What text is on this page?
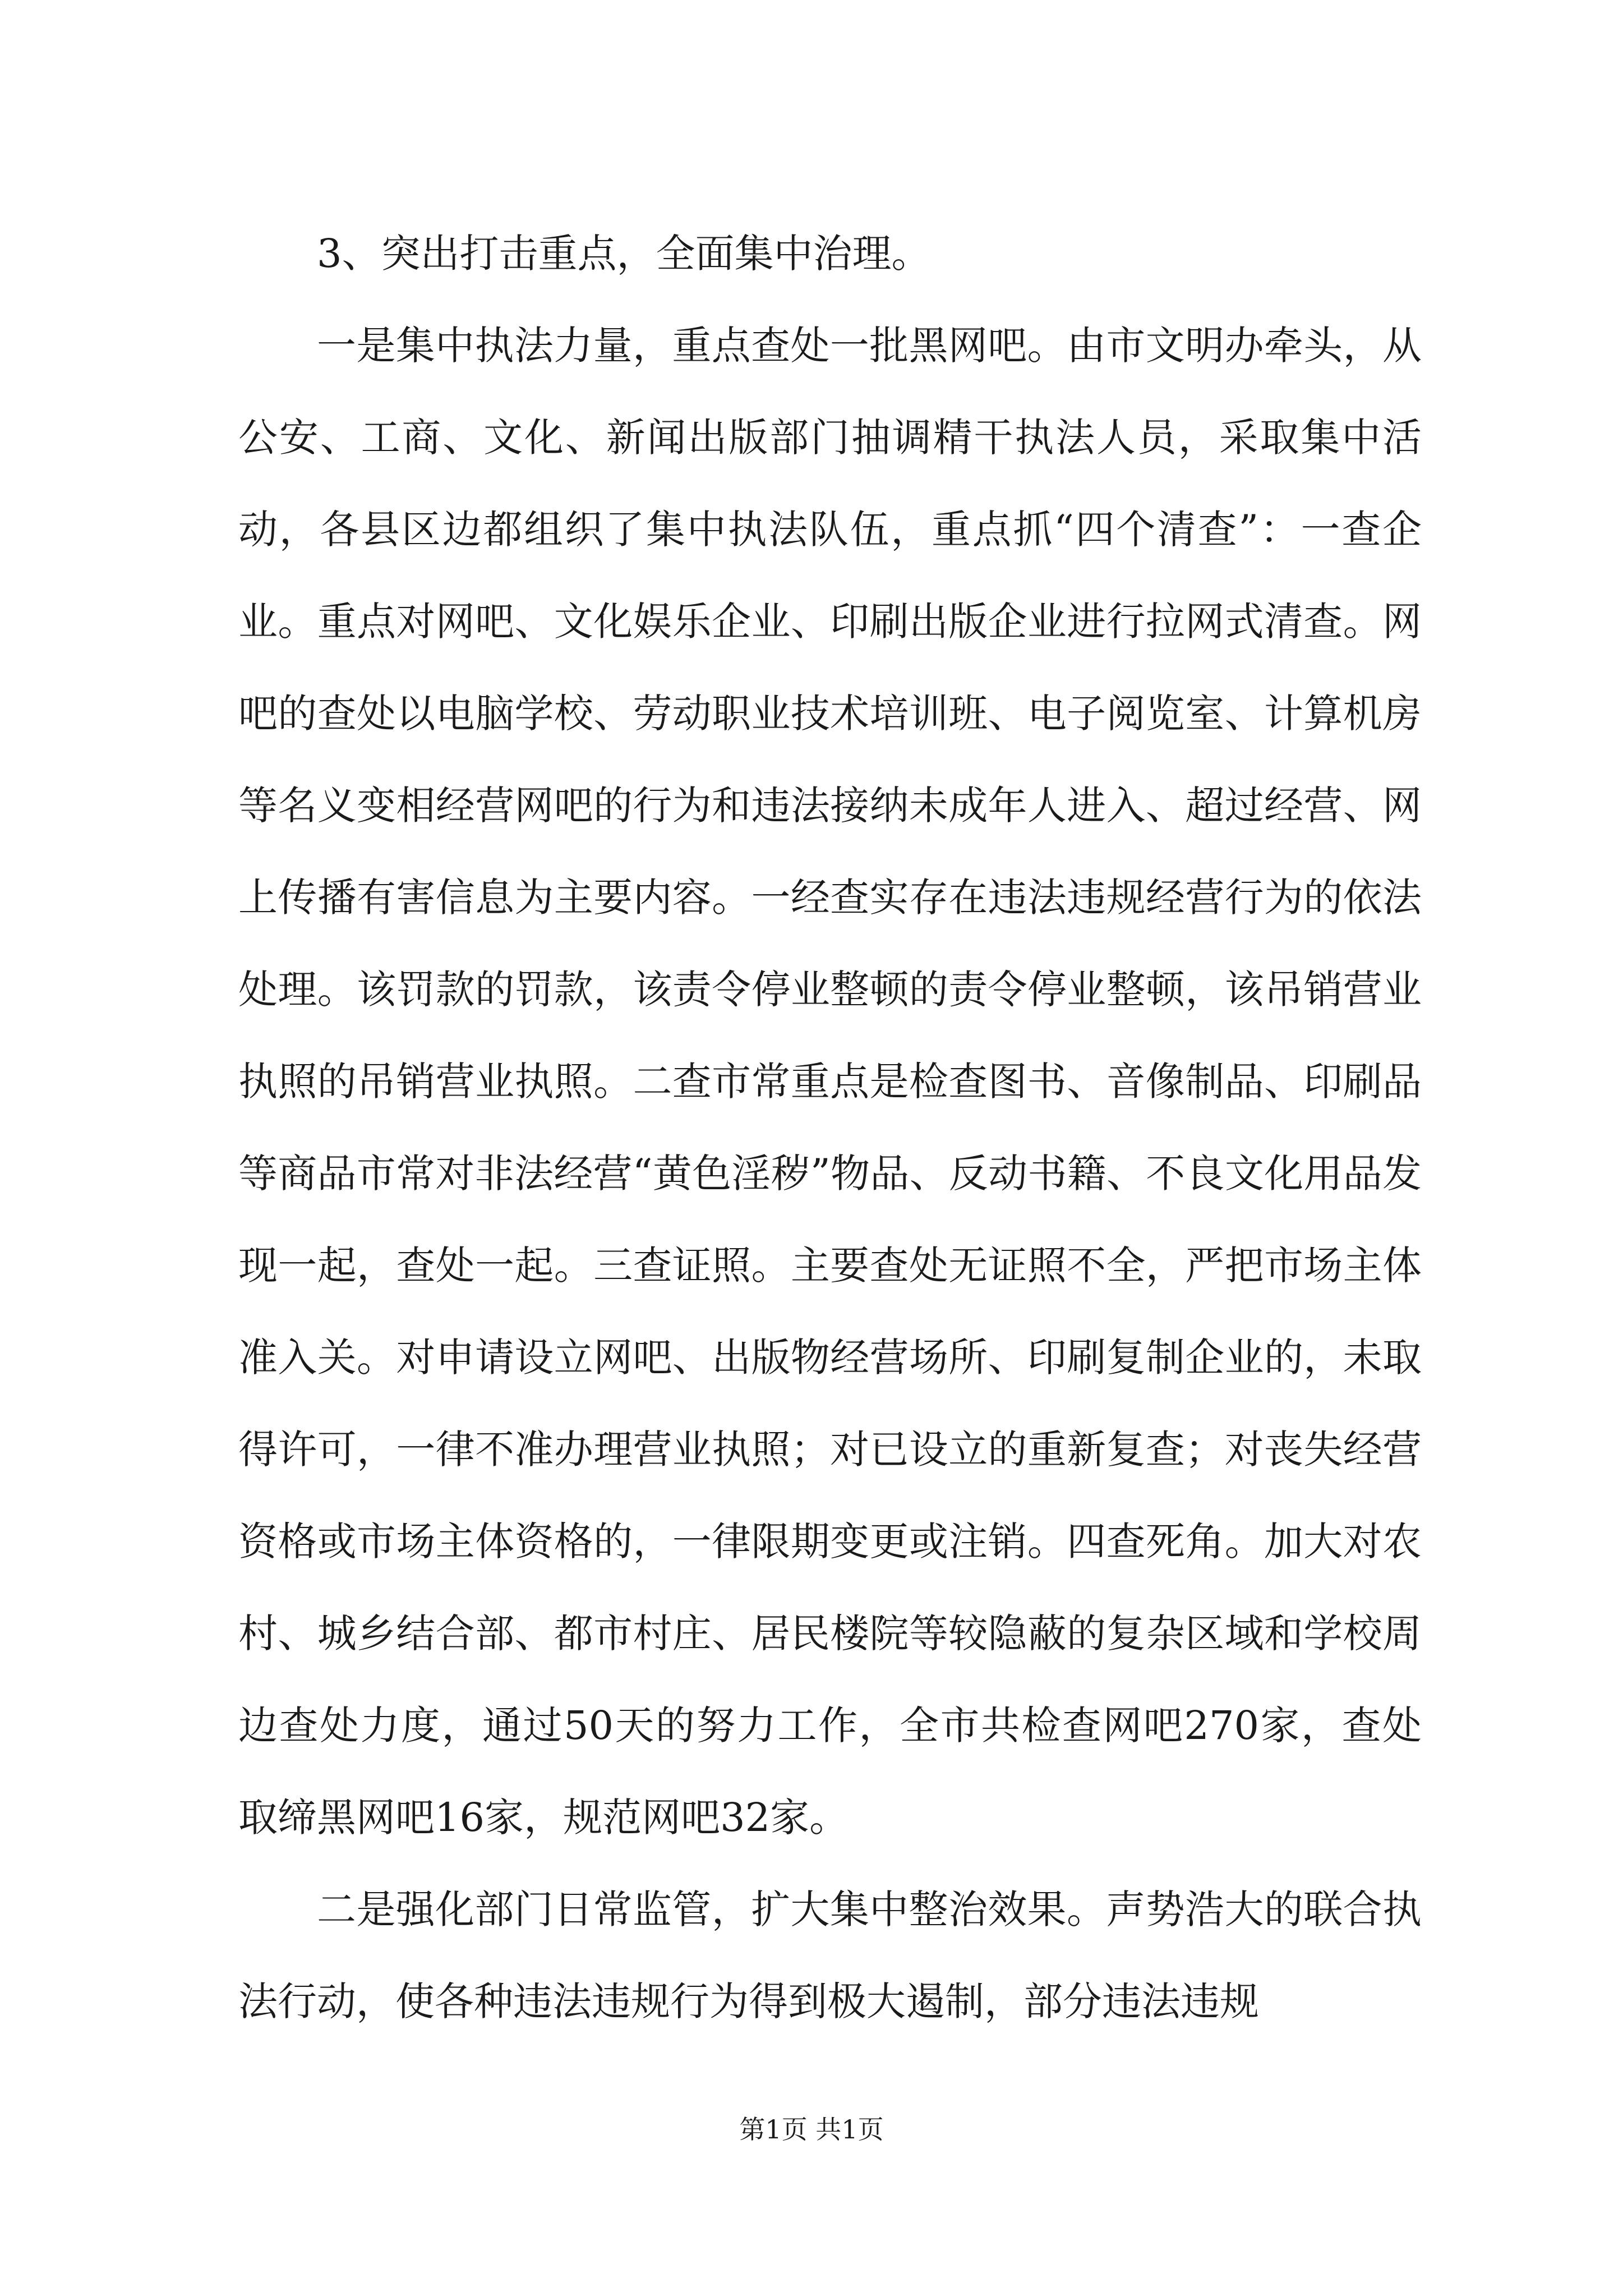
3、突出打击重点，全面集中治理。

一是集中执法力量，重点查处一批黑网吧。由市文明办牵头，从公安、工商、文化、新闻出版部门抽调精干执法人员，采取集中活动，各县区边都组织了集中执法队伍，重点抓“四个清查”：一查企业。重点对网吧、文化娱乐企业、印刷出版企业进行拉网式清查。网吧的查处以电脑学校、劳动职业技术培训班、电子阅览室、计算机房等名义变相经营网吧的行为和违法接纳未成年人进入、超过经营、网上传播有害信息为主要内容。一经查实存在违法违规经营行为的依法处理。该罚款的罚款，该责令停业整顿的责令停业整顿，该吊销营业执照的吊销营业执照。二查市常重点是检查图书、音像制品、印刷品等商品市常对非法经营“黄色淫秽”物品、反动书籍、不良文化用品发现一起，查处一起。三查证照。主要查处无证照不全，严把市场主体准入关。对申请设立网吧、出版物经营场所、印刷复制企业的，未取得许可，一律不准办理营业执照；对已设立的重新复查；对丧失经营资格或市场主体资格的，一律限期变更或注销。四查死角。加大对农村、城乡结合部、都市村庄、居民楼院等较隐蔽的复杂区域和学校周边查处力度，通过50天的努力工作，全市共检查网吧270家，查处取缔黑网吧16家，规范网吧32家。

二是强化部门日常监管，扩大集中整治效果。声势浩大的联合执法行动，使各种违法违规行为得到极大遏制，部分违法违规

第1页 共1页
